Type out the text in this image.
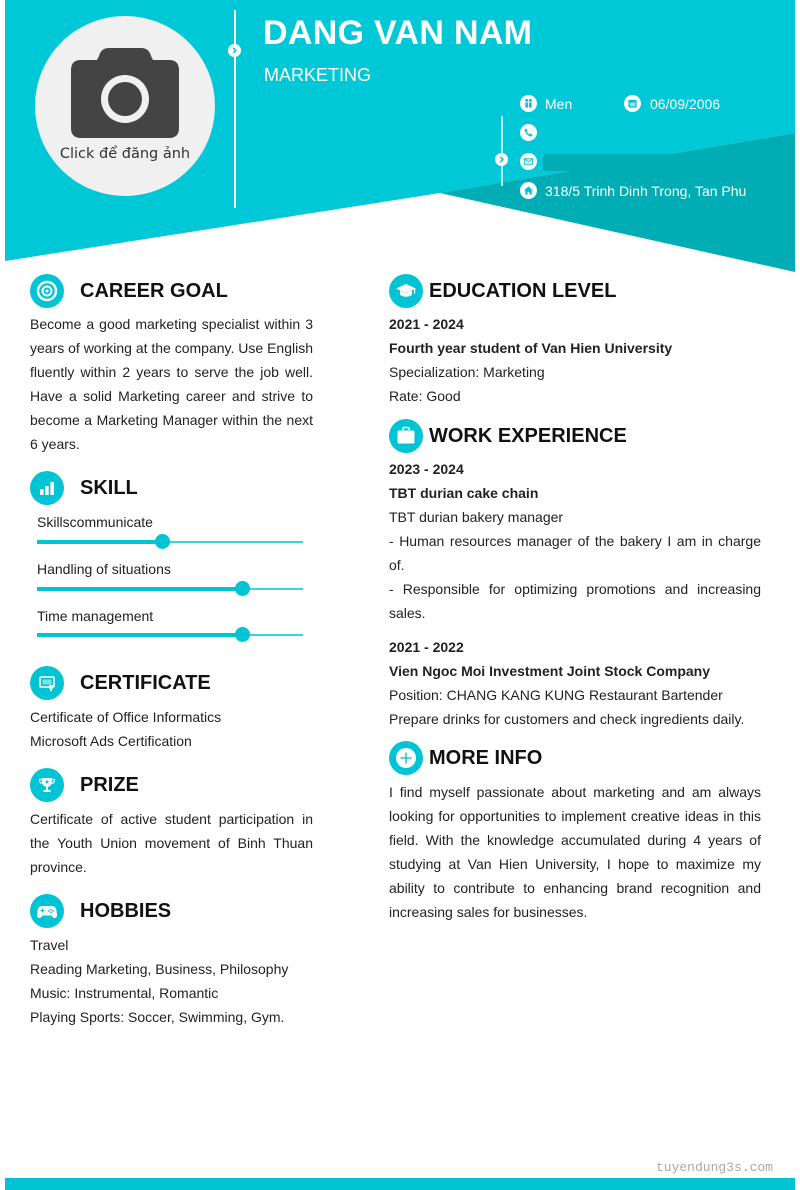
Click để đăng ảnh
DANG VAN NAM
MARKETING
Men	06/09/2006
318/5 Trinh Dinh Trong, Tan Phu
CAREER GOAL
Become a good marketing specialist within 3 years of working at the company. Use English fluently within 2 years to serve the job well. Have a solid Marketing career and strive to become a Marketing Manager within the next 6 years.
SKILL
Skillscommunicate
Handling of situations
Time management
CERTIFICATE
Certificate of Office Informatics
Microsoft Ads Certification
PRIZE
Certificate of active student participation in the Youth Union movement of Binh Thuan province.
HOBBIES
Travel
Reading Marketing, Business, Philosophy
Music: Instrumental, Romantic
Playing Sports: Soccer, Swimming, Gym.
EDUCATION LEVEL
2021 - 2024
Fourth year student of Van Hien University
Specialization: Marketing
Rate: Good
WORK EXPERIENCE
2023 - 2024
TBT durian cake chain
TBT durian bakery manager
- Human resources manager of the bakery I am in charge of.
- Responsible for optimizing promotions and increasing sales.
2021 - 2022
Vien Ngoc Moi Investment Joint Stock Company
Position: CHANG KANG KUNG Restaurant Bartender
Prepare drinks for customers and check ingredients daily.
MORE INFO
I find myself passionate about marketing and am always looking for opportunities to implement creative ideas in this field. With the knowledge accumulated during 4 years of studying at Van Hien University, I hope to maximize my ability to contribute to enhancing brand recognition and increasing sales for businesses.
tuyendung3s.com
